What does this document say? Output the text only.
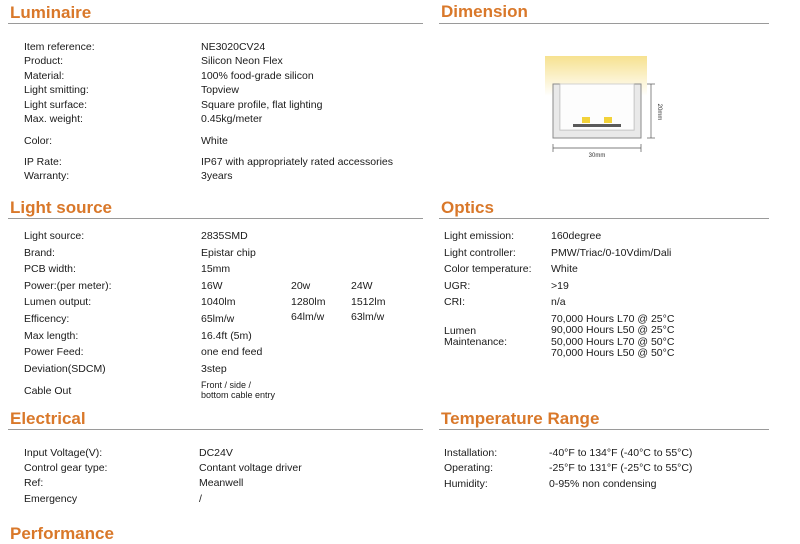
Luminaire
Item reference:	NE3020CV24
Product:	Silicon Neon Flex
Material:	100% food-grade silicon
Light smitting:	Topview
Light surface:	Square profile, flat lighting
Max. weight:	0.45kg/meter
Color:	White
IP Rate:	IP67 with appropriately rated accessories
Warranty:	3years
Dimension
20mm
30mm
Light source
Light source:	2835SMD
Brand:	Epistar chip
PCB width:	15mm
Power:(per meter):	16W	20w	24W
Lumen output:	1040lm	1280lm 1512lm
Efficency:	65lm/w	64lm/w	63lm/w
Max length:	16.4ft (5m)
Power Feed:	one end feed
Deviation(SDCM)	3step
Cable Out	Front / side /
bottom cable entry
Optics
Light emission:	160degree
Light controller:	PMW/Triac/0-10Vdim/Dali
Color temperature: White
UGR:	>19
CRI:	n/a
Lumen
Maintenance:
70,000 Hours L70 @ 25°C
90,000 Hours L50 @ 25°C
50,000 Hours L70 @ 50°C
70,000 Hours L50 @ 50°C
Electrical
Input Voltage(V):	DC24V
Control gear type:	Contant voltage driver
Ref:	Meanwell
Emergency	/
Temperature Range
Installation:	-40°F to 134°F (-40°C to 55°C)
Operating:	-25°F to 131°F (-25°C to 55°C)
Humidity:	0-95% non condensing
Performance
